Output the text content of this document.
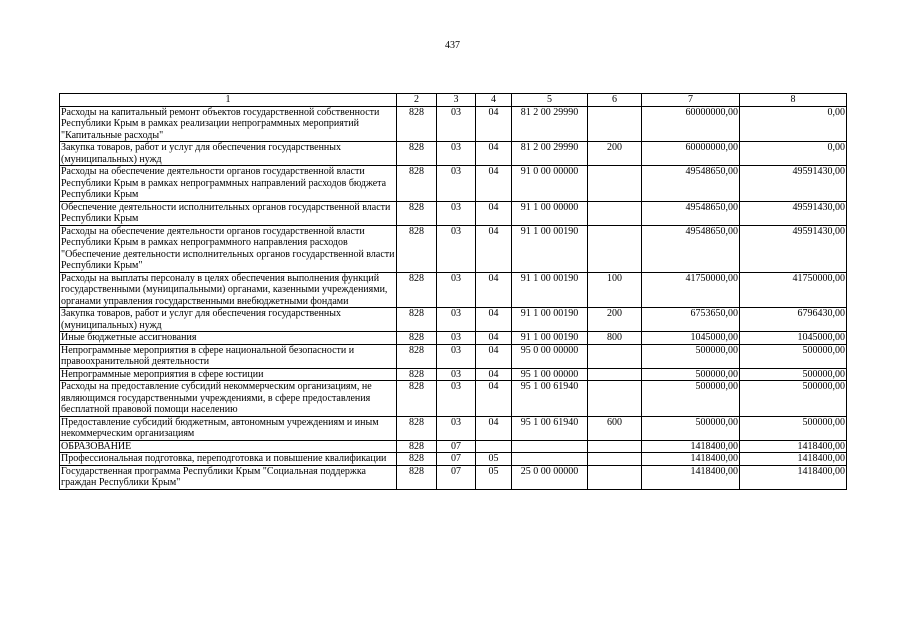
437
1	2	3	4	5	6	7	8
Расходы на капитальный ремонт объектов государственной собственности Республики Крым в рамках реализации непрограммных мероприятий "Капитальные расходы"	828	03	04	81 2 00 29990		60000000,00	0,00
Закупка товаров, работ и услуг для обеспечения государственных (муниципальных) нужд	828	03	04	81 2 00 29990	200	60000000,00	0,00
Расходы на обеспечение деятельности органов государственной власти Республики Крым в рамках непрограммных направлений расходов бюджета Республики Крым	828	03	04	91 0 00 00000		49548650,00	49591430,00
Обеспечение деятельности исполнительных органов государственной власти Республики Крым	828	03	04	91 1 00 00000		49548650,00	49591430,00
Расходы на обеспечение деятельности органов государственной власти Республики Крым в рамках непрограммного направления расходов "Обеспечение деятельности исполнительных органов государственной власти Республики Крым"	828	03	04	91 1 00 00190		49548650,00	49591430,00
Расходы на выплаты персоналу в целях обеспечения выполнения функций государственными (муниципальными) органами, казенными учреждениями, органами управления государственными внебюджетными фондами	828	03	04	91 1 00 00190	100	41750000,00	41750000,00
Закупка товаров, работ и услуг для обеспечения государственных (муниципальных) нужд	828	03	04	91 1 00 00190	200	6753650,00	6796430,00
Иные бюджетные ассигнования	828	03	04	91 1 00 00190	800	1045000,00	1045000,00
Непрограммные мероприятия в сфере национальной безопасности и правоохранительной деятельности	828	03	04	95 0 00 00000		500000,00	500000,00
Непрограммные мероприятия в сфере юстиции	828	03	04	95 1 00 00000		500000,00	500000,00
Расходы на предоставление субсидий некоммерческим организациям, не являющимся государственными учреждениями, в сфере предоставления бесплатной правовой помощи населению	828	03	04	95 1 00 61940		500000,00	500000,00
Предоставление субсидий бюджетным, автономным учреждениям и иным некоммерческим организациям	828	03	04	95 1 00 61940	600	500000,00	500000,00
ОБРАЗОВАНИЕ	828	07				1418400,00	1418400,00
Профессиональная подготовка, переподготовка и повышение квалификации	828	07	05			1418400,00	1418400,00
Государственная программа Республики Крым "Социальная поддержка граждан Республики Крым"	828	07	05	25 0 00 00000		1418400,00	1418400,00
